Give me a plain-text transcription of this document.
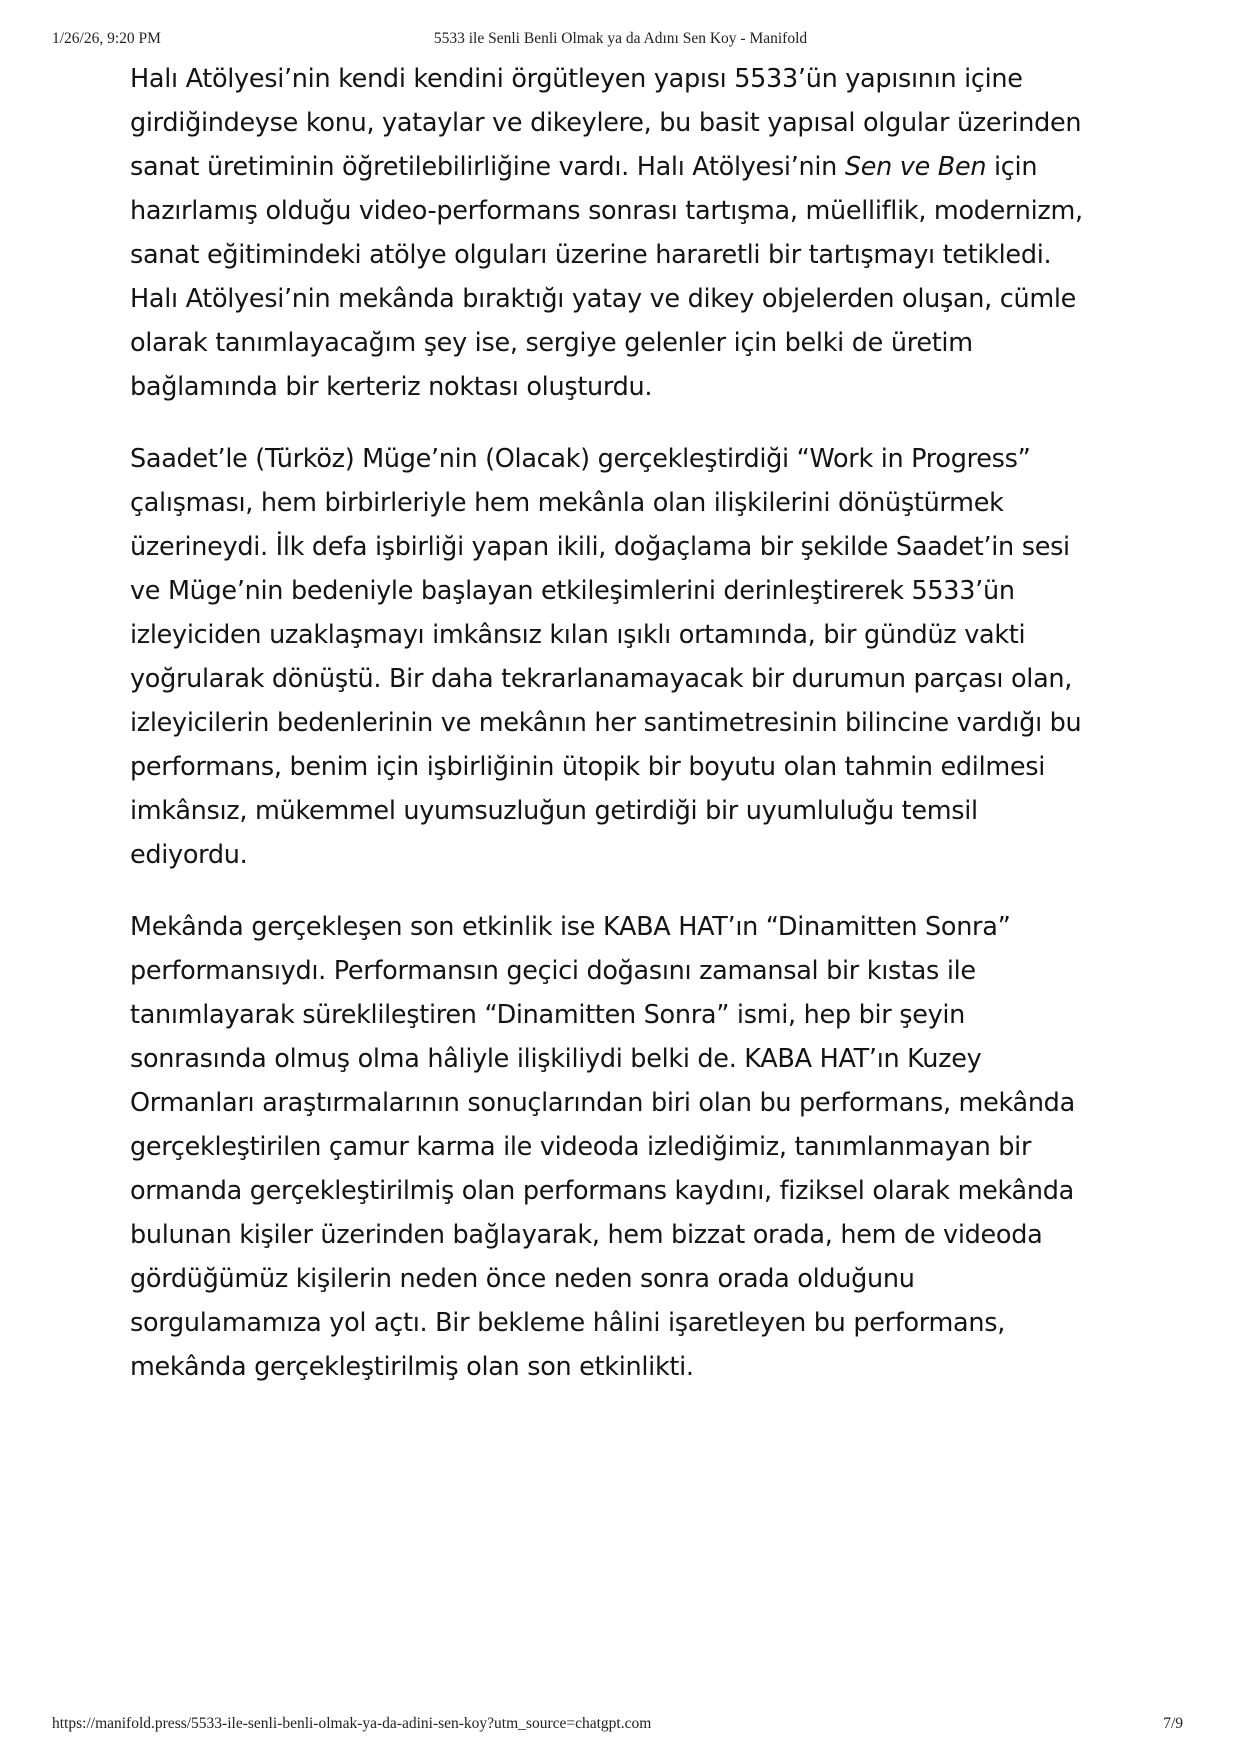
1/26/26, 9:20 PM	5533 ile Senli Benli Olmak ya da Adını Sen Koy - Manifold

Halı Atölyesi’nin kendi kendini örgütleyen yapısı 5533’ün yapısının içine girdiğindeyse konu, yataylar ve dikeylere, bu basit yapısal olgular üzerinden sanat üretiminin öğretilebilirliğine vardı. Halı Atölyesi’nin Sen ve Ben için hazırlamış olduğu video-performans sonrası tartışma, müelliflik, modernizm, sanat eğitimindeki atölye olguları üzerine hararetli bir tartışmayı tetikledi. Halı Atölyesi’nin mekânda bıraktığı yatay ve dikey objelerden oluşan, cümle olarak tanımlayacağım şey ise, sergiye gelenler için belki de üretim bağlamında bir kerteriz noktası oluşturdu.

Saadet’le (Türköz) Müge’nin (Olacak) gerçekleştirdiği “Work in Progress” çalışması, hem birbirleriyle hem mekânla olan ilişkilerini dönüştürmek üzerineydi. İlk defa işbirliği yapan ikili, doğaçlama bir şekilde Saadet’in sesi ve Müge’nin bedeniyle başlayan etkileşimlerini derinleştirerek 5533’ün izleyiciden uzaklaşmayı imkânsız kılan ışıklı ortamında, bir gündüz vakti yoğrularak dönüştü. Bir daha tekrarlanamayacak bir durumun parçası olan, izleyicilerin bedenlerinin ve mekânın her santimetresinin bilincine vardığı bu performans, benim için işbirliğinin ütopik bir boyutu olan tahmin edilmesi imkânsız, mükemmel uyumsuzluğun getirdiği bir uyumluluğu temsil ediyordu.

Mekânda gerçekleşen son etkinlik ise KABA HAT’ın “Dinamitten Sonra” performansıydı. Performansın geçici doğasını zamansal bir kıstas ile tanımlayarak süreklileştiren “Dinamitten Sonra” ismi, hep bir şeyin sonrasında olmuş olma hâliyle ilişkiliydi belki de. KABA HAT’ın Kuzey Ormanları araştırmalarının sonuçlarından biri olan bu performans, mekânda gerçekleştirilen çamur karma ile videoda izlediğimiz, tanımlanmayan bir ormanda gerçekleştirilmiş olan performans kaydını, fiziksel olarak mekânda bulunan kişiler üzerinden bağlayarak, hem bizzat orada, hem de videoda gördüğümüz kişilerin neden önce neden sonra orada olduğunu sorgulamamıza yol açtı. Bir bekleme hâlini işaretleyen bu performans, mekânda gerçekleştirilmiş olan son etkinlikti.

https://manifold.press/5533-ile-senli-benli-olmak-ya-da-adini-sen-koy?utm_source=chatgpt.com	7/9
